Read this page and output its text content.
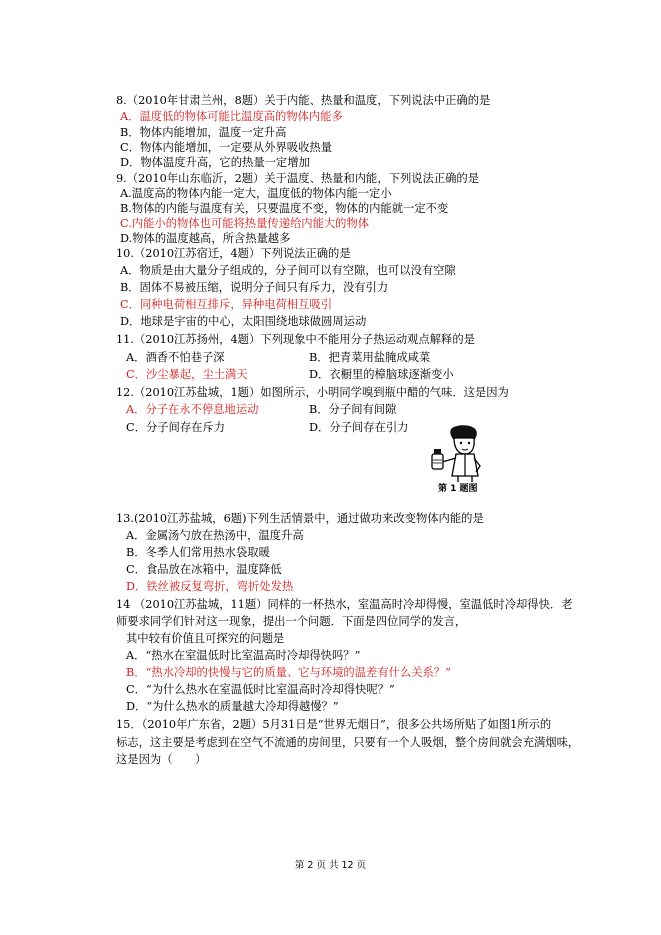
8.（2010年甘肃兰州，8题）关于内能、热量和温度，下列说法中正确的是
A．温度低的物体可能比温度高的物体内能多
B．物体内能增加，温度一定升高
C．物体内能增加，一定要从外界吸收热量
D．物体温度升高，它的热量一定增加
9.（2010年山东临沂，2题）关于温度、热量和内能，下列说法正确的是
A.温度高的物体内能一定大，温度低的物体内能一定小
B.物体的内能与温度有关，只要温度不变，物体的内能就一定不变
C.内能小的物体也可能将热量传递给内能大的物体
D.物体的温度越高，所含热量越多
10.（2010江苏宿迁，4题）下列说法正确的是
A．物质是由大量分子组成的，分子间可以有空隙，也可以没有空隙
B．固体不易被压缩，说明分子间只有斥力，没有引力
C．同种电荷相互排斥，异种电荷相互吸引
D．地球是宇宙的中心，太阳围绕地球做圆周运动
11.（2010江苏扬州，4题）下列现象中不能用分子热运动观点解释的是
A．酒香不怕巷子深	B．把青菜用盐腌成咸菜
C．沙尘暴起，尘土满天	D．衣橱里的樟脑球逐渐变小
12.（2010江苏盐城，1题）如图所示，小明同学嗅到瓶中醋的气味．这是因为
A．分子在永不停息地运动	B．分子间有间隙
C．分子间存在斥力	D．分子间存在引力
第 1 题图
13.(2010江苏盐城，6题)下列生活情景中，通过做功来改变物体内能的是
A．金属汤勺放在热汤中，温度升高
B．冬季人们常用热水袋取暖
C．食品放在冰箱中，温度降低
D．铁丝被反复弯折，弯折处发热
14 （2010江苏盐城，11题）同样的一杯热水，室温高时冷却得慢，室温低时冷却得快．老
师要求同学们针对这一现象，提出一个问题．下面是四位同学的发言，
其中较有价值且可探究的问题是
A．“热水在室温低时比室温高时冷却得快吗？”
B．“热水冷却的快慢与它的质量、它与环境的温差有什么关系？”
C．“为什么热水在室温低时比室温高时冷却得快呢？”
D．“为什么热水的质量越大冷却得越慢？”
15．（2010年广东省，2题）5月31日是“世界无烟日”，很多公共场所贴了如图1所示的
标志，这主要是考虑到在空气不流通的房间里，只要有一个人吸烟，整个房间就会充满烟味，
这是因为（　　）
第 2 页 共 12 页
